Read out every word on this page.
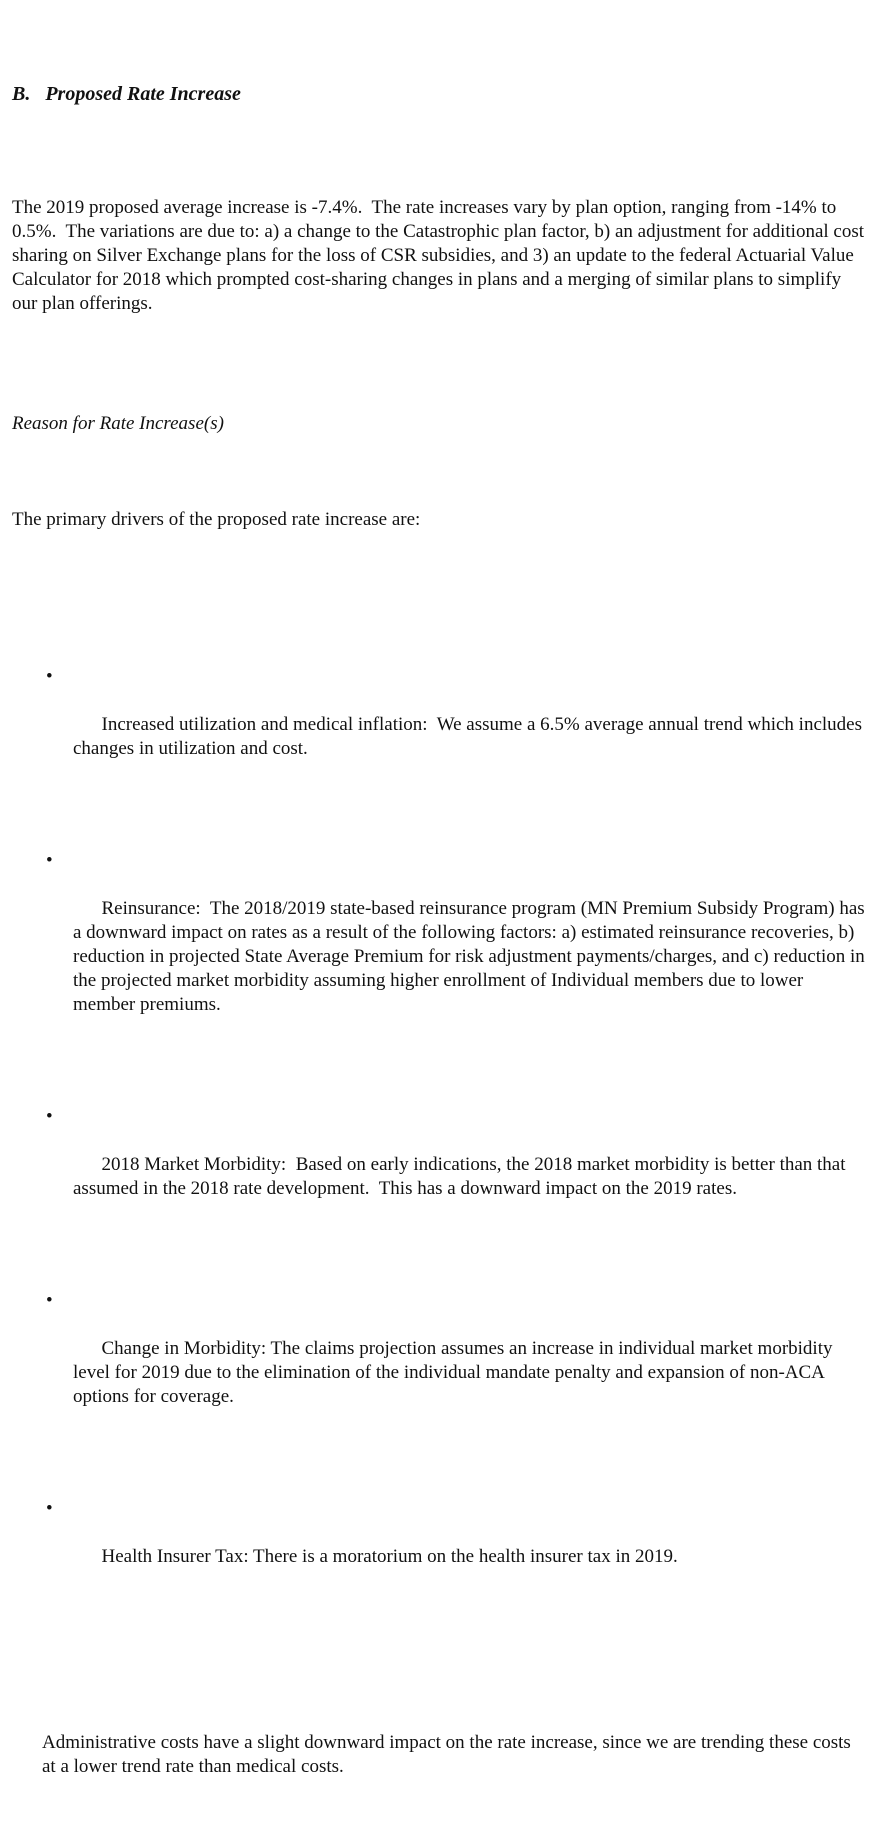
B. Proposed Rate Increase

The 2019 proposed average increase is -7.4%.  The rate increases vary by plan option, ranging from -14% to 0.5%.  The variations are due to: a) a change to the Catastrophic plan factor, b) an adjustment for additional cost sharing on Silver Exchange plans for the loss of CSR subsidies, and 3) an update to the federal Actuarial Value Calculator for 2018 which prompted cost-sharing changes in plans and a merging of similar plans to simplify our plan offerings.

Reason for Rate Increase(s)

The primary drivers of the proposed rate increase are:

•

Increased utilization and medical inflation:  We assume a 6.5% average annual trend which includes changes in utilization and cost.

•

Reinsurance:  The 2018/2019 state-based reinsurance program (MN Premium Subsidy Program) has a downward impact on rates as a result of the following factors: a) estimated reinsurance recoveries, b) reduction in projected State Average Premium for risk adjustment payments/charges, and c) reduction in the projected market morbidity assuming higher enrollment of Individual members due to lower member premiums.

•

2018 Market Morbidity:  Based on early indications, the 2018 market morbidity is better than that assumed in the 2018 rate development.  This has a downward impact on the 2019 rates.

•

Change in Morbidity: The claims projection assumes an increase in individual market morbidity level for 2019 due to the elimination of the individual mandate penalty and expansion of non-ACA options for coverage.

•

Health Insurer Tax: There is a moratorium on the health insurer tax in 2019.

Administrative costs have a slight downward impact on the rate increase, since we are trending these costs at a lower trend rate than medical costs.
